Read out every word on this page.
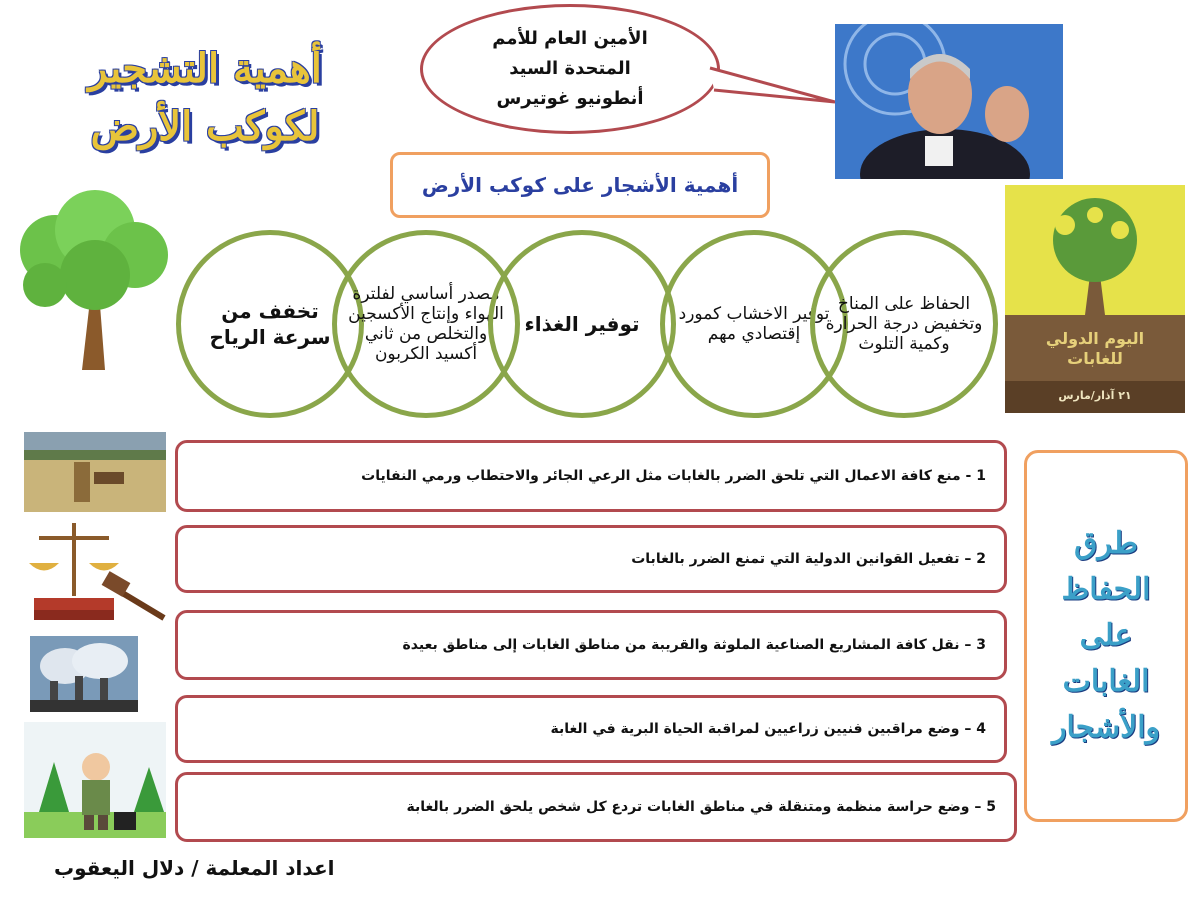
أهمية التشجير
لكوكب الأرض
الأمين العام للأمم
المتحدة السيد
أنطونيو غوتيرس
أهمية الأشجار على كوكب الأرض
تخفف من سرعة الرياح
مصدر أساسي لفلترة الهواء وإنتاج الأكسجين والتخلص من ثاني أكسيد الكربون
توفير الغذاء توفير الاخشاب كمورد إقتصادي مهم
الحفاظ على المناخ وتخفيض درجة الحرارة وكمية التلوث	اليوم الدولي
للغابات
٢١ آذار/مارس
1 - منع كافة الاعمال التي تلحق الضرر بالغابات مثل الرعي الجائر والاحتطاب ورمي النفايات
2 – تفعيل القوانين الدولية التي تمنع الضرر بالغابات
3 – نقل كافة المشاريع الصناعية الملوثة والقريبة من مناطق الغابات إلى مناطق بعيدة
4 – وضع مراقبين فنيين زراعيين لمراقبة الحياة البرية في الغابة
5 – وضع حراسة منظمة ومتنقلة في مناطق الغابات تردع كل شخص يلحق الضرر بالغابة
طرق
الحفاظ
على
الغابات
والأشجار
اعداد المعلمة / دلال اليعقوب
